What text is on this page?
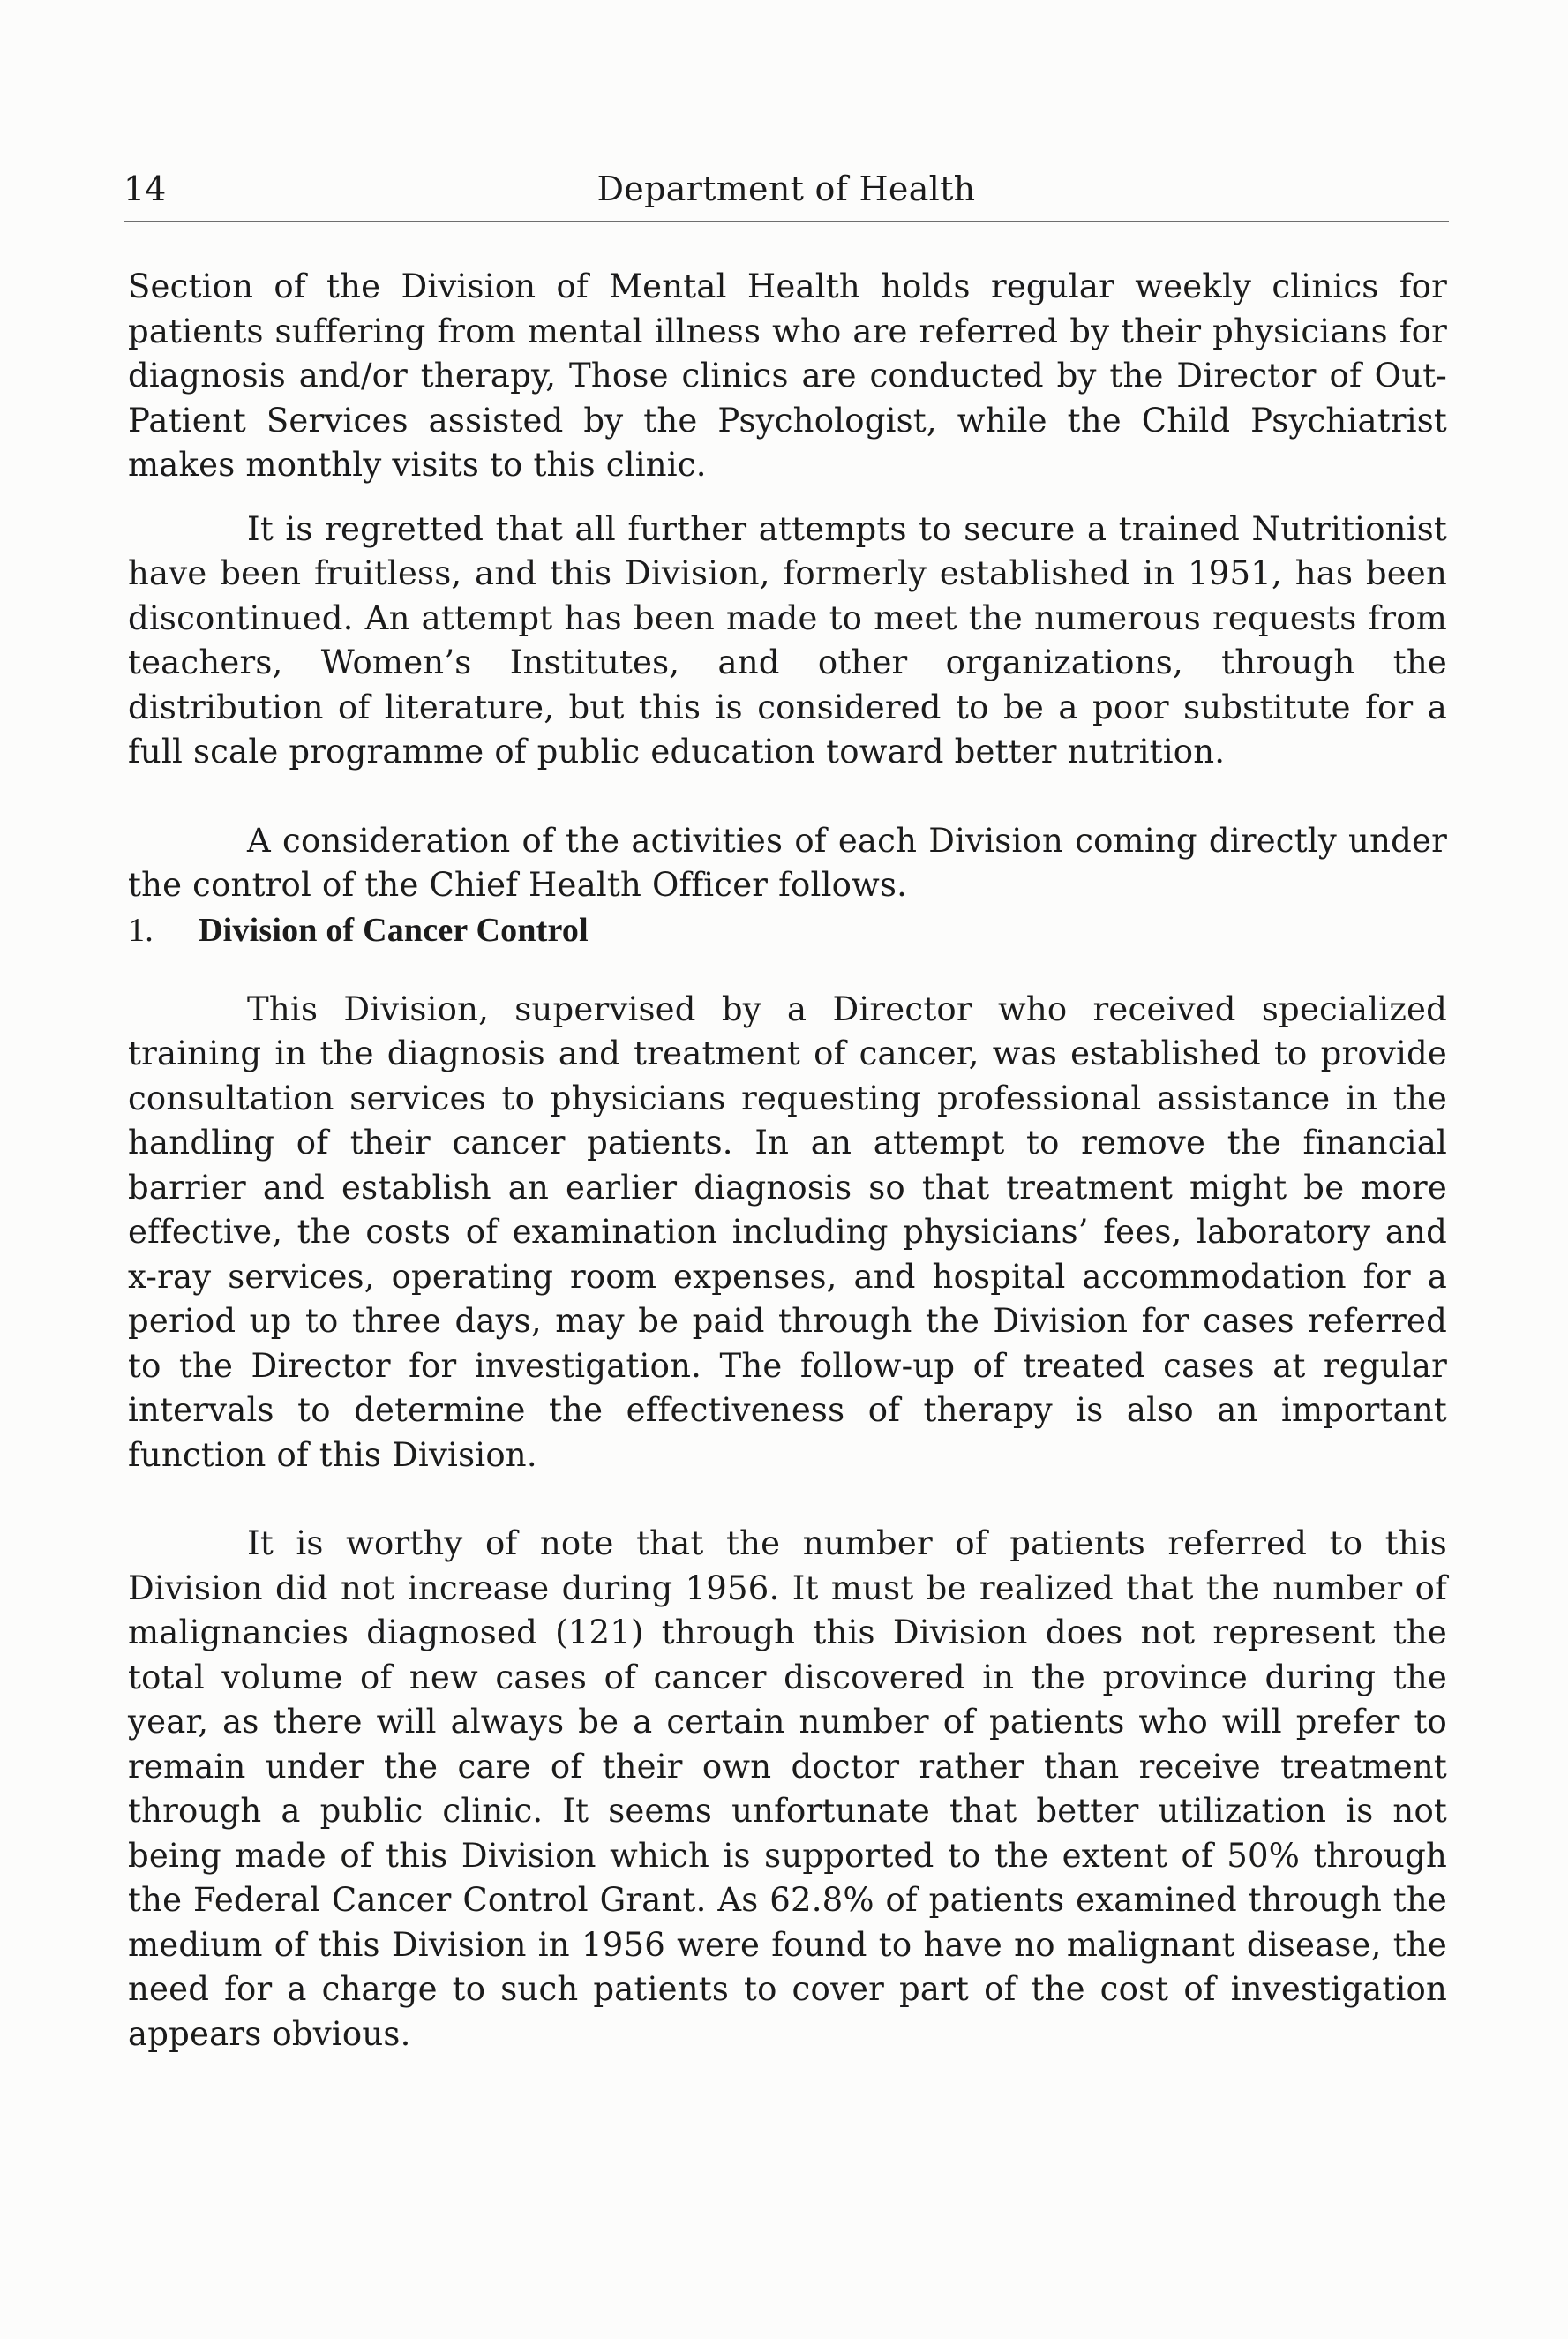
14	Department of Health

Section of the Division of Mental Health holds regular weekly clinics for patients suffering from mental illness who are referred by their physicians for diagnosis and/or therapy, Those clinics are conducted by the Director of Out-Patient Services assisted by the Psychologist, while the Child Psychiatrist makes monthly visits to this clinic.

It is regretted that all further attempts to secure a trained Nutritionist have been fruitless, and this Division, formerly established in 1951, has been discontinued. An attempt has been made to meet the numerous requests from teachers, Women’s Institutes, and other organizations, through the distribution of literature, but this is considered to be a poor substitute for a full scale programme of public education toward better nutrition.

A consideration of the activities of each Division coming directly under the control of the Chief Health Officer follows.

1. Division of Cancer Control

This Division, supervised by a Director who received specialized training in the diagnosis and treatment of cancer, was established to provide consultation services to physicians requesting professional assistance in the handling of their cancer patients. In an attempt to remove the financial barrier and establish an earlier diagnosis so that treatment might be more effective, the costs of examination including physicians’ fees, laboratory and x-ray services, operating room expenses, and hospital accommodation for a period up to three days, may be paid through the Division for cases referred to the Director for investigation. The follow-up of treated cases at regular intervals to determine the effectiveness of therapy is also an important function of this Division.

It is worthy of note that the number of patients referred to this Division did not increase during 1956. It must be realized that the number of malignancies diagnosed (121) through this Division does not represent the total volume of new cases of cancer discovered in the province during the year, as there will always be a certain number of patients who will prefer to remain under the care of their own doctor rather than receive treatment through a public clinic. It seems unfortunate that better utilization is not being made of this Division which is supported to the extent of 50% through the Federal Cancer Control Grant. As 62.8% of patients examined through the medium of this Division in 1956 were found to have no malignant disease, the need for a charge to such patients to cover part of the cost of investigation appears obvious.
